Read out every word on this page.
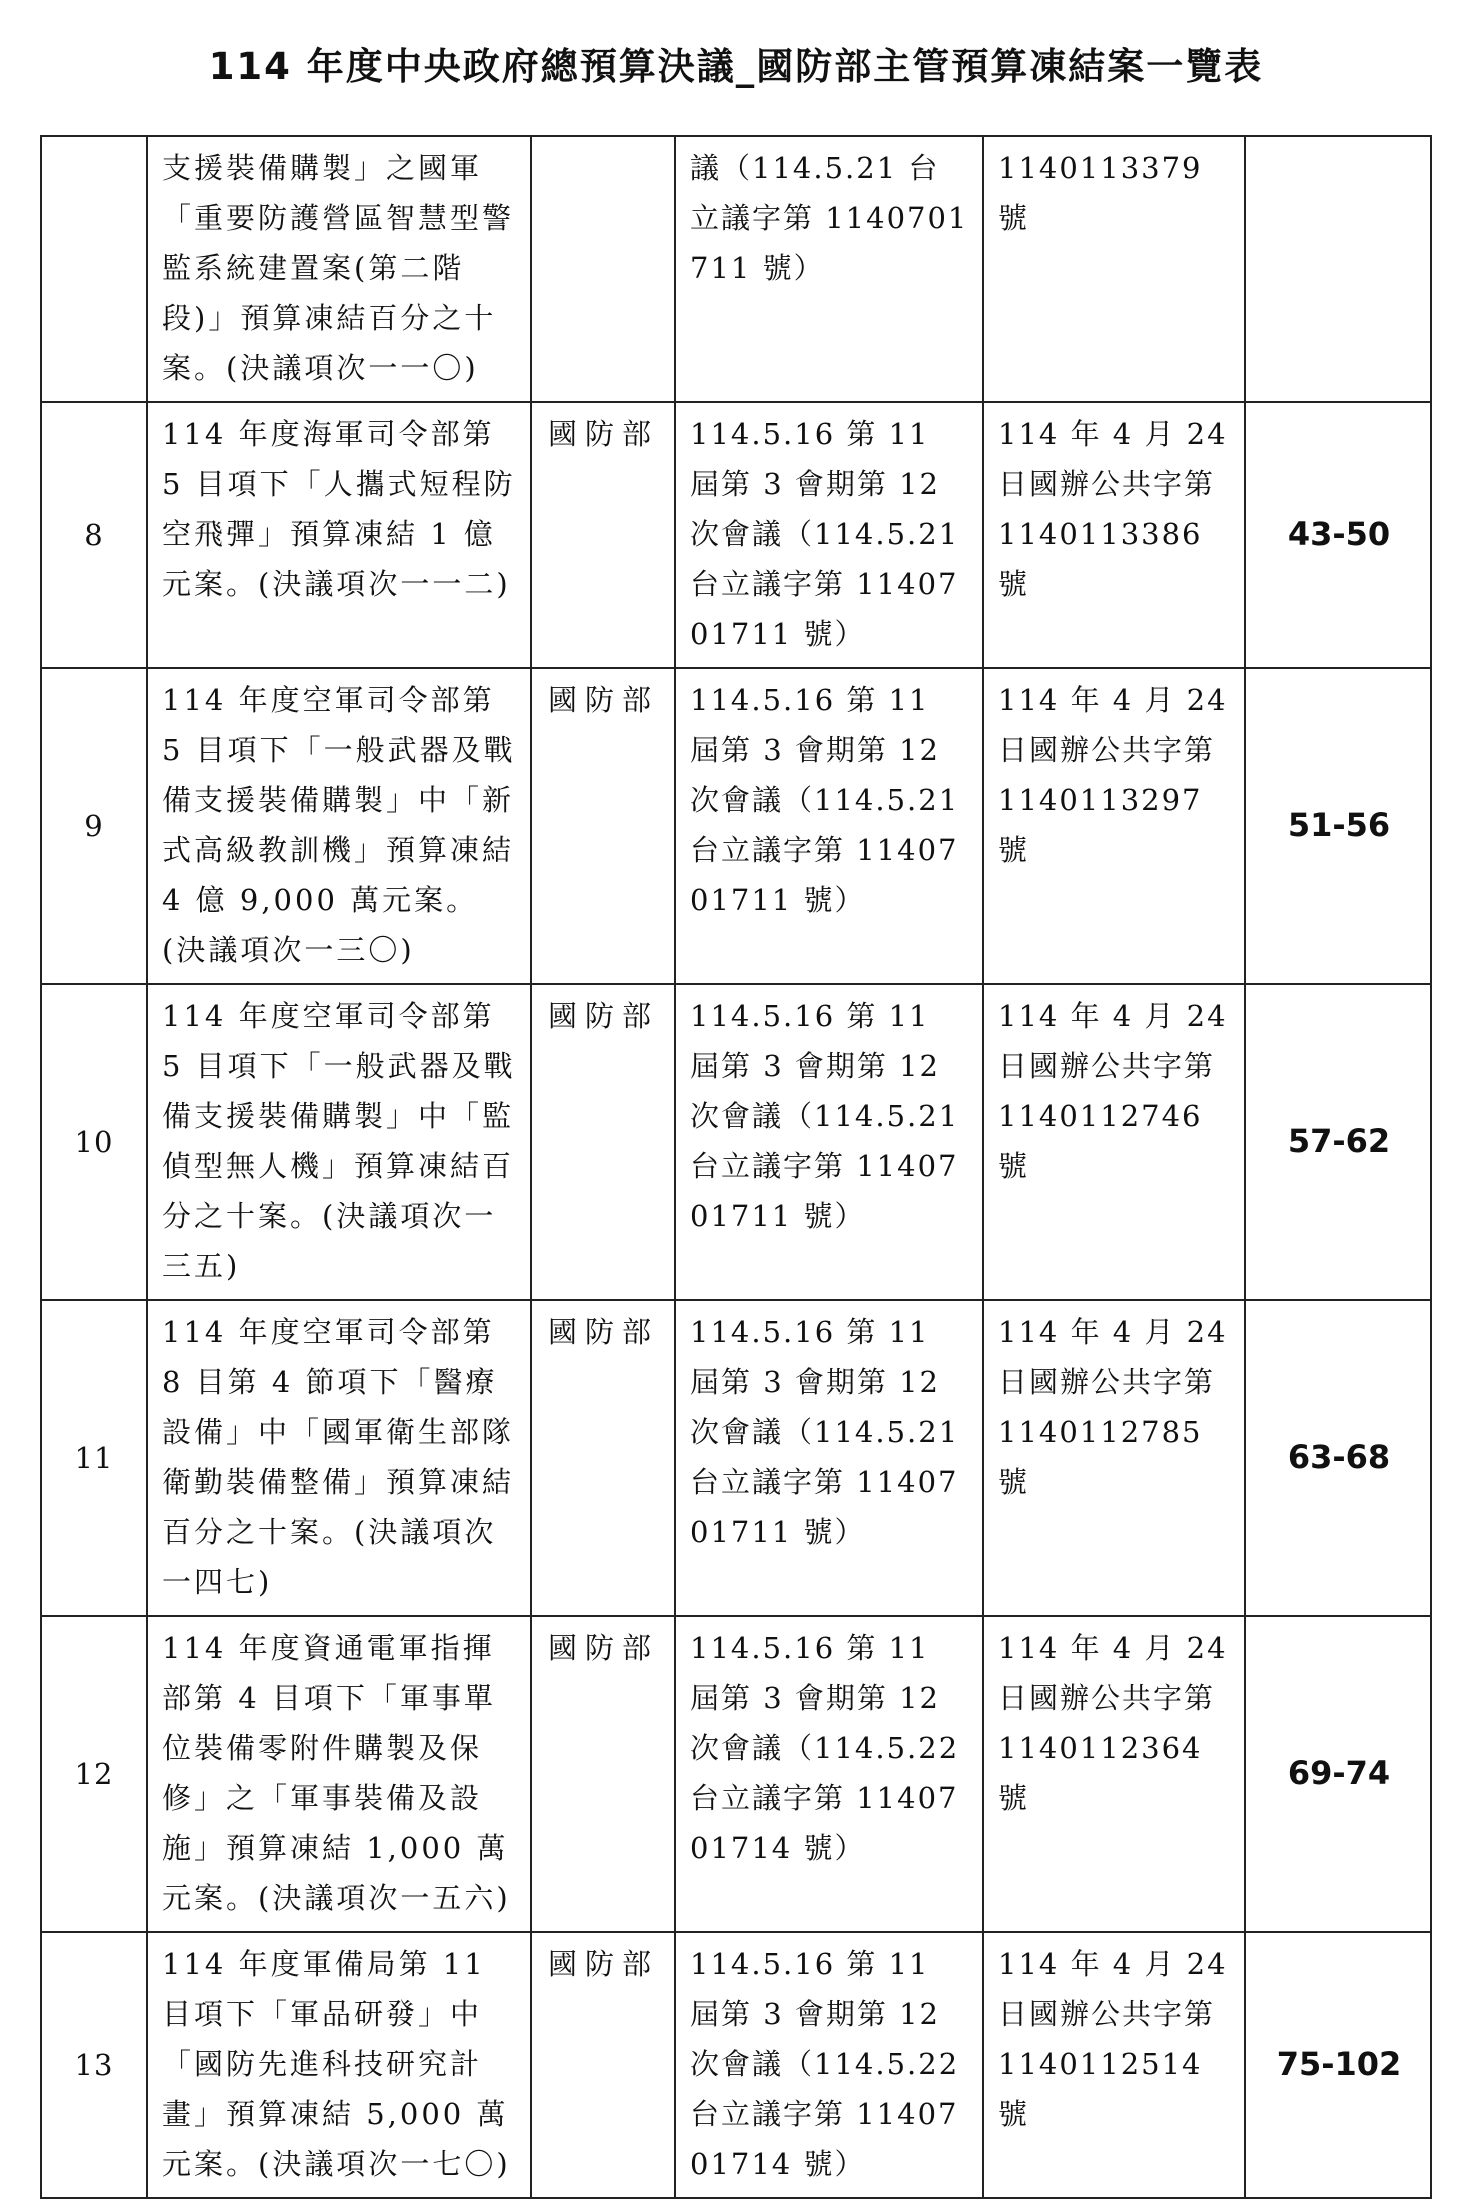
114 年度中央政府總預算決議_國防部主管預算凍結案一覽表
	支援裝備購製」之國軍「重要防護營區智慧型警監系統建置案(第二階段)」預算凍結百分之十案。(決議項次一一〇)		議（114.5.21 台立議字第 1140701711 號）	1140113379 號	
8	114 年度海軍司令部第 5 目項下「人攜式短程防空飛彈」預算凍結 1 億元案。(決議項次一一二)	國防部	114.5.16 第 11 屆第 3 會期第 12 次會議（114.5.21 台立議字第 1140701711 號）	114 年 4 月 24 日國辦公共字第 1140113386 號	43-50
9	114 年度空軍司令部第 5 目項下「一般武器及戰備支援裝備購製」中「新式高級教訓機」預算凍結 4 億 9,000 萬元案。(決議項次一三〇)	國防部	114.5.16 第 11 屆第 3 會期第 12 次會議（114.5.21 台立議字第 1140701711 號）	114 年 4 月 24 日國辦公共字第 1140113297 號	51-56
10	114 年度空軍司令部第 5 目項下「一般武器及戰備支援裝備購製」中「監偵型無人機」預算凍結百分之十案。(決議項次一三五)	國防部	114.5.16 第 11 屆第 3 會期第 12 次會議（114.5.21 台立議字第 1140701711 號）	114 年 4 月 24 日國辦公共字第 1140112746 號	57-62
11	114 年度空軍司令部第 8 目第 4 節項下「醫療設備」中「國軍衛生部隊衛勤裝備整備」預算凍結百分之十案。(決議項次一四七)	國防部	114.5.16 第 11 屆第 3 會期第 12 次會議（114.5.21 台立議字第 1140701711 號）	114 年 4 月 24 日國辦公共字第 1140112785 號	63-68
12	114 年度資通電軍指揮部第 4 目項下「軍事單位裝備零附件購製及保修」之「軍事裝備及設施」預算凍結 1,000 萬元案。(決議項次一五六)	國防部	114.5.16 第 11 屆第 3 會期第 12 次會議（114.5.22 台立議字第 1140701714 號）	114 年 4 月 24 日國辦公共字第 1140112364 號	69-74
13	114 年度軍備局第 11 目項下「軍品研發」中「國防先進科技研究計畫」預算凍結 5,000 萬元案。(決議項次一七〇)	國防部	114.5.16 第 11 屆第 3 會期第 12 次會議（114.5.22 台立議字第 1140701714 號）	114 年 4 月 24 日國辦公共字第 1140112514 號	75-102
